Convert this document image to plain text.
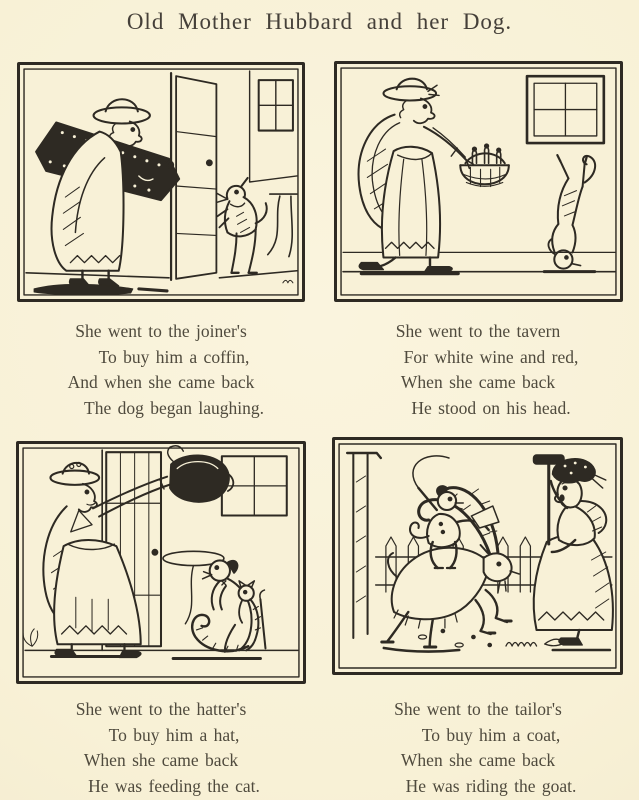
Old Mother Hubbard and her Dog.

She went to the joiner's

To buy him a coffin,

And when she came back

The dog began laughing.

She went to the tavern

For white wine and red,

When she came back

He stood on his head.

She went to the hatter's

To buy him a hat,

When she came back

He was feeding the cat.

She went to the tailor's

To buy him a coat,

When she came back

He was riding the goat.
